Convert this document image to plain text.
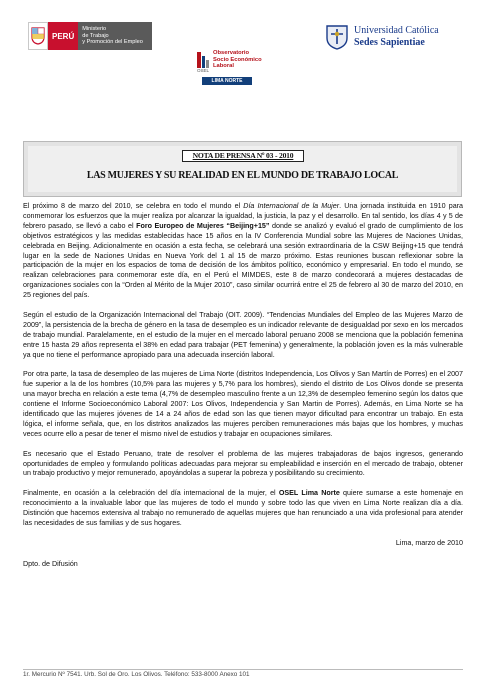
PERÚ
Ministerio
de Trabajo
y Promoción del Empleo
Universidad Católica
Sedes Sapientiae
Observatorio
Socio Económico
Laboral
OSEL
LIMA NORTE
NOTA DE PRENSA Nº 03 - 2010
LAS MUJERES Y SU REALIDAD EN EL MUNDO DE TRABAJO LOCAL

El próximo 8 de marzo del 2010, se celebra en todo el mundo el Día Internacional de la Mujer. Una jornada instituida en 1910 para conmemorar los esfuerzos que la mujer realiza por alcanzar la igualdad, la justicia, la paz y el desarrollo. En tal sentido, los días 4 y 5 de febrero pasado, se llevó a cabo el Foro Europeo de Mujeres “Beijing+15” donde se analizó y evaluó el grado de cumplimiento de los objetivos estratégicos y las medidas establecidas hace 15 años en la IV Conferencia Mundial sobre las Mujeres de Naciones Unidas, celebrada en Beijing. Adicionalmente en ocasión a esta fecha, se celebrará una sesión extraordinaria de la CSW Beijing+15 que tendrá lugar en la sede de Naciones Unidas en Nueva York del 1 al 15 de marzo próximo. Estas reuniones buscan reflexionar sobre la participación de la mujer en los espacios de toma de decisión de los ámbitos político, económico y empresarial. En todo el mundo, se realizan celebraciones para conmemorar este día, en el Perú el MIMDES, este 8 de marzo condecorará a mujeres destacadas de organizaciones sociales con la “Orden al Mérito de la Mujer 2010”, caso similar ocurrirá entre el 25 de febrero al 30 de marzo del 2010, en 25 regiones del país.

Según el estudio de la Organización Internacional del Trabajo (OIT. 2009). “Tendencias Mundiales del Empleo de las Mujeres Marzo de 2009”, la persistencia de la brecha de género en la tasa de desempleo es un indicador relevante de desigualdad por sexo en los mercados de trabajo mundial. Paralelamente, en el estudio de la mujer en el mercado laboral peruano 2008 se menciona que la población femenina entre 15 hasta 29 años representa el 38% en edad para trabajar (PET femenina) y generalmente, la población joven es la más vulnerable ya que no tiene el performance apropiado para una adecuada inserción laboral.

Por otra parte, la tasa de desempleo de las mujeres de Lima Norte (distritos Independencia, Los Olivos y San Martín de Porres) en el 2007 fue superior a la de los hombres (10,5% para las mujeres y 5,7% para los hombres), siendo el distrito de Los Olivos donde se presenta una mayor brecha en relación a este tema (4,7% de desempleo masculino frente a un 12,3% de desempleo femenino según los datos que contiene el Informe Socioeconómico Laboral 2007: Los Olivos, Independencia y San Martin de Porres). Además, en Lima Norte se ha identificado que las mujeres jóvenes de 14 a 24 años de edad son las que tienen mayor dificultad para encontrar un trabajo. En esta lógica, el informe señala, que, en los distritos analizados las mujeres perciben remuneraciones más bajas que los hombres, y muchas veces ocurre ello a pesar de tener el mismo nivel de estudios y trabajar en ocupaciones similares.

Es necesario que el Estado Peruano, trate de resolver el problema de las mujeres trabajadoras de bajos ingresos, generando oportunidades de empleo y formulando políticas adecuadas para mejorar su empleabilidad e inserción en el mercado de trabajo, obtener un trabajo productivo y mejor remunerado, apoyándolas a superar la pobreza y posibilitando su crecimiento.

Finalmente, en ocasión a la celebración del día internacional de la mujer, el OSEL Lima Norte quiere sumarse a este homenaje en reconocimiento a la invaluable labor que las mujeres de todo el mundo y sobre todo las que viven en Lima Norte realizan día a día. Distinción que hacemos extensiva al trabajo no remunerado de aquellas mujeres que han renunciado a una vida profesional para atender las necesidades de sus familias y de sus hogares.

Lima, marzo de 2010

Dpto. de Difusión

1r. Mercurio Nº 7541. Urb. Sol de Oro. Los Olivos. Teléfono: 533-8000 Anexo 101
